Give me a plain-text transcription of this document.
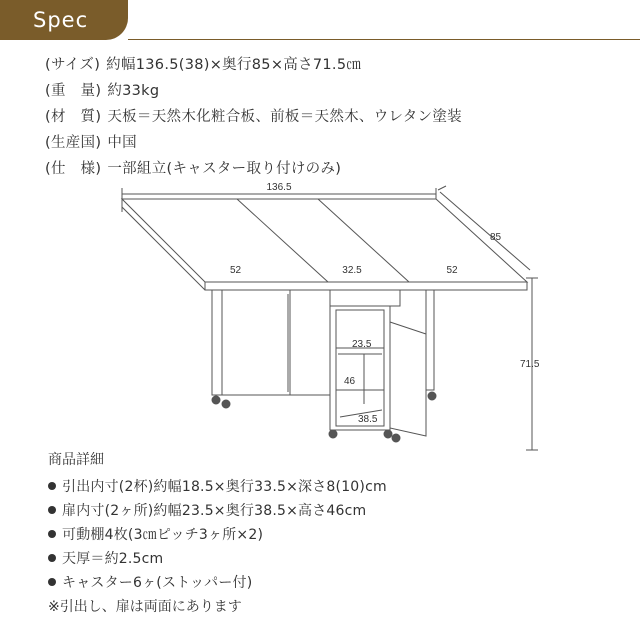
Spec
(サイズ) 約幅136.5(38)×奥行85×高さ71.5㎝
(重　量) 約33kg
(材　質) 天板＝天然木化粧合板、前板＝天然木、ウレタン塗装
(生産国) 中国
(仕　様) 一部組立(キャスター取り付けのみ)
136.5
85
71.5
52	32.5	52
23.5
46
38.5
商品詳細
引出内寸(2杯)約幅18.5×奥行33.5×深さ8(10)cm
扉内寸(2ヶ所)約幅23.5×奥行38.5×高さ46cm
可動棚4枚(3㎝ピッチ3ヶ所×2)
天厚＝約2.5cm
キャスター6ヶ(ストッパー付)
※引出し、扉は両面にあります
